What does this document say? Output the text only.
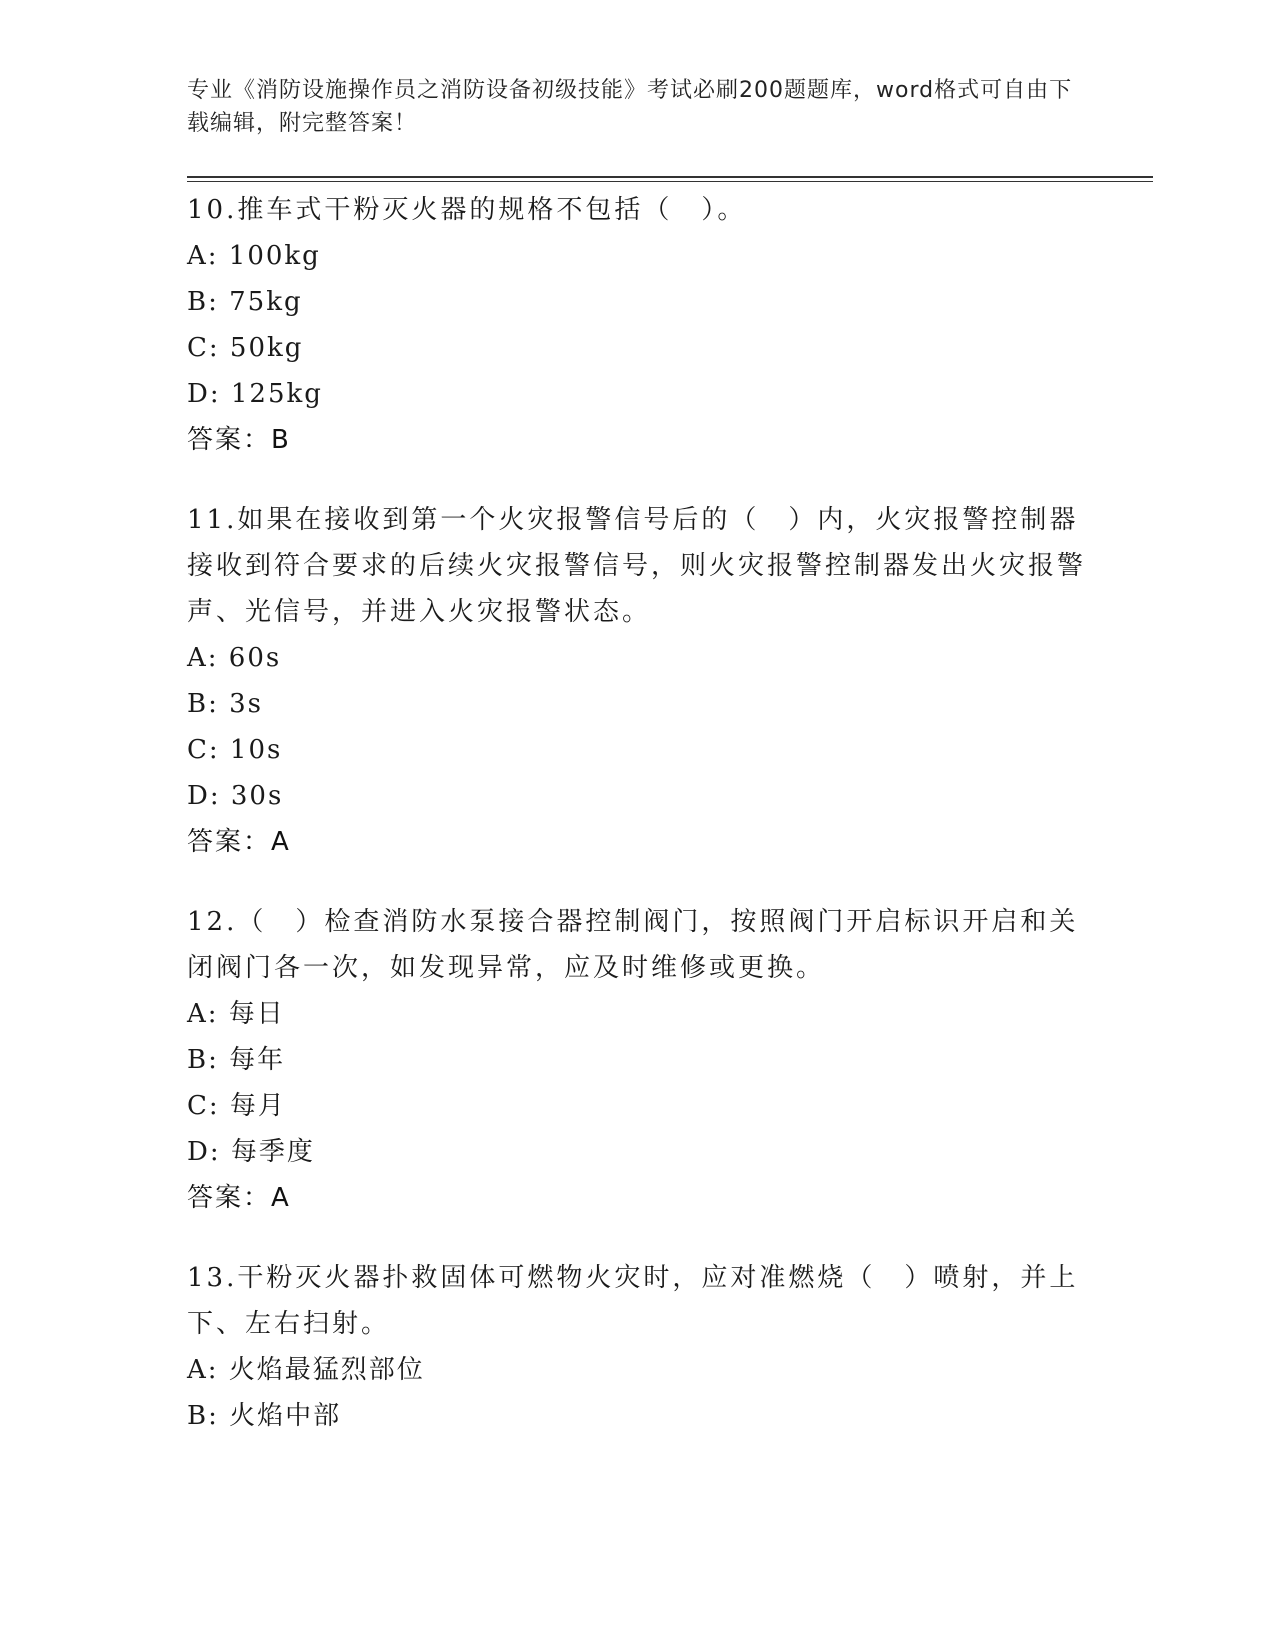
专业《消防设施操作员之消防设备初级技能》考试必刷200题题库，word格式可自由下载编辑，附完整答案！

10.推车式干粉灭火器的规格不包括（　）。

A: 100kg

B: 75kg

C: 50kg

D: 125kg

答案：B

11.如果在接收到第一个火灾报警信号后的（　）内，火灾报警控制器接收到符合要求的后续火灾报警信号，则火灾报警控制器发出火灾报警声、光信号，并进入火灾报警状态。

A: 60s

B: 3s

C: 10s

D: 30s

答案：A

12.（　）检查消防水泵接合器控制阀门，按照阀门开启标识开启和关闭阀门各一次，如发现异常，应及时维修或更换。

A: 每日

B: 每年

C: 每月

D: 每季度

答案：A

13.干粉灭火器扑救固体可燃物火灾时，应对准燃烧（　）喷射，并上下、左右扫射。

A: 火焰最猛烈部位

B: 火焰中部
